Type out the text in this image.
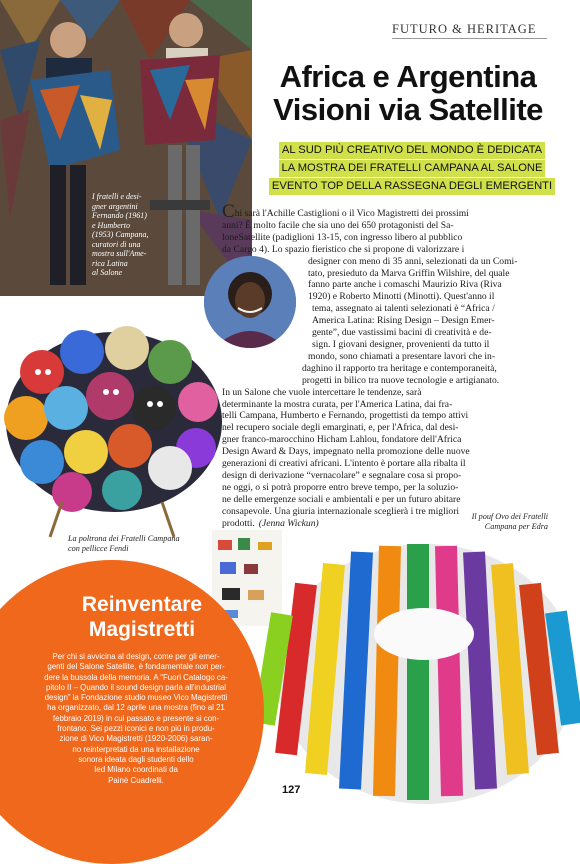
FUTURO & HERITAGE
I fratelli e desi-
gner argentini
Fernando (1961)
e Humberto
(1953) Campana,
curatori di una
mostra sull'Ame-
rica Latina
al Salone
Africa e Argentina
Visioni via Satellite
AL SUD PIÙ CREATIVO DEL MONDO È DEDICATA
LA MOSTRA DEI FRATELLI CAMPANA AL SALONE
EVENTO TOP DELLA RASSEGNA DEGLI EMERGENTI
Chi sarà l'Achille Castiglioni o il Vico Magistretti dei prossimi

anni? È molto facile che sia uno dei 650 protagonisti del Sa-
loneSatellite (padiglioni 13-15, con ingresso libero al pubblico
da Cargo 4). Lo spazio fieristico che si propone di valorizzare i
designer con meno di 35 anni, selezionati da un Comi-
tato, presieduto da Marva Griffin Wilshire, del quale
fanno parte anche i comaschi Maurizio Riva (Riva
1920) e Roberto Minotti (Minotti). Quest'anno il
tema, assegnato ai talenti selezionati è “Africa /
America Latina: Rising Design – Design Emer-
gente”, due vastissimi bacini di creatività e de-
sign. I giovani designer, provenienti da tutto il
mondo, sono chiamati a presentare lavori che in-
daghino il rapporto tra heritage e contemporaneità,
progetti in bilico tra nuove tecnologie e artigianato.
In un Salone che vuole intercettare le tendenze, sarà
determinante la mostra curata, per l'America Latina, dai fra-
telli Campana, Humberto e Fernando, progettisti da tempo attivi
nel recupero sociale degli emarginati, e, per l'Africa, dal desi-
gner franco-marocchino Hicham Lahlou, fondatore dell'Africa
Design Award & Days, impegnato nella promozione delle nuove
generazioni di creativi africani. L'intento è portare alla ribalta il
design di derivazione “vernacolare” e segnalare cosa si propo-
ne oggi, o si potrà proporre entro breve tempo, per la soluzio-
ne delle emergenze sociali e ambientali e per un futuro abitare
consapevole. Una giuria internazionale sceglierà i tre migliori
prodotti. (Jenna Wickun)
La poltrona dei Fratelli Campana
con pellicce Fendi
Il pouf Ovo dei Fratelli
Campana per Edra
Reinventare
Magistretti
Per chi si avvicina al design, come per gli emer-
genti del Salone Satellite, è fondamentale non per-
dere la bussola della memoria. A “Fuori Catalogo ca-
pitolo II – Quando il sound design parla all'industrial
design” la Fondazione studio museo Vico Magistretti
ha organizzato, dal 12 aprile una mostra (fino al 21
febbraio 2019) in cui passato e presente si con-
frontano. Sei pezzi iconici e non più in produ-
zione di Vico Magistretti (1920-2006) saran-
no reinterpretati da una installazione
sonora ideata dagli studenti dello
Ied Milano coordinati da
Painè Cuadrelli.
127
